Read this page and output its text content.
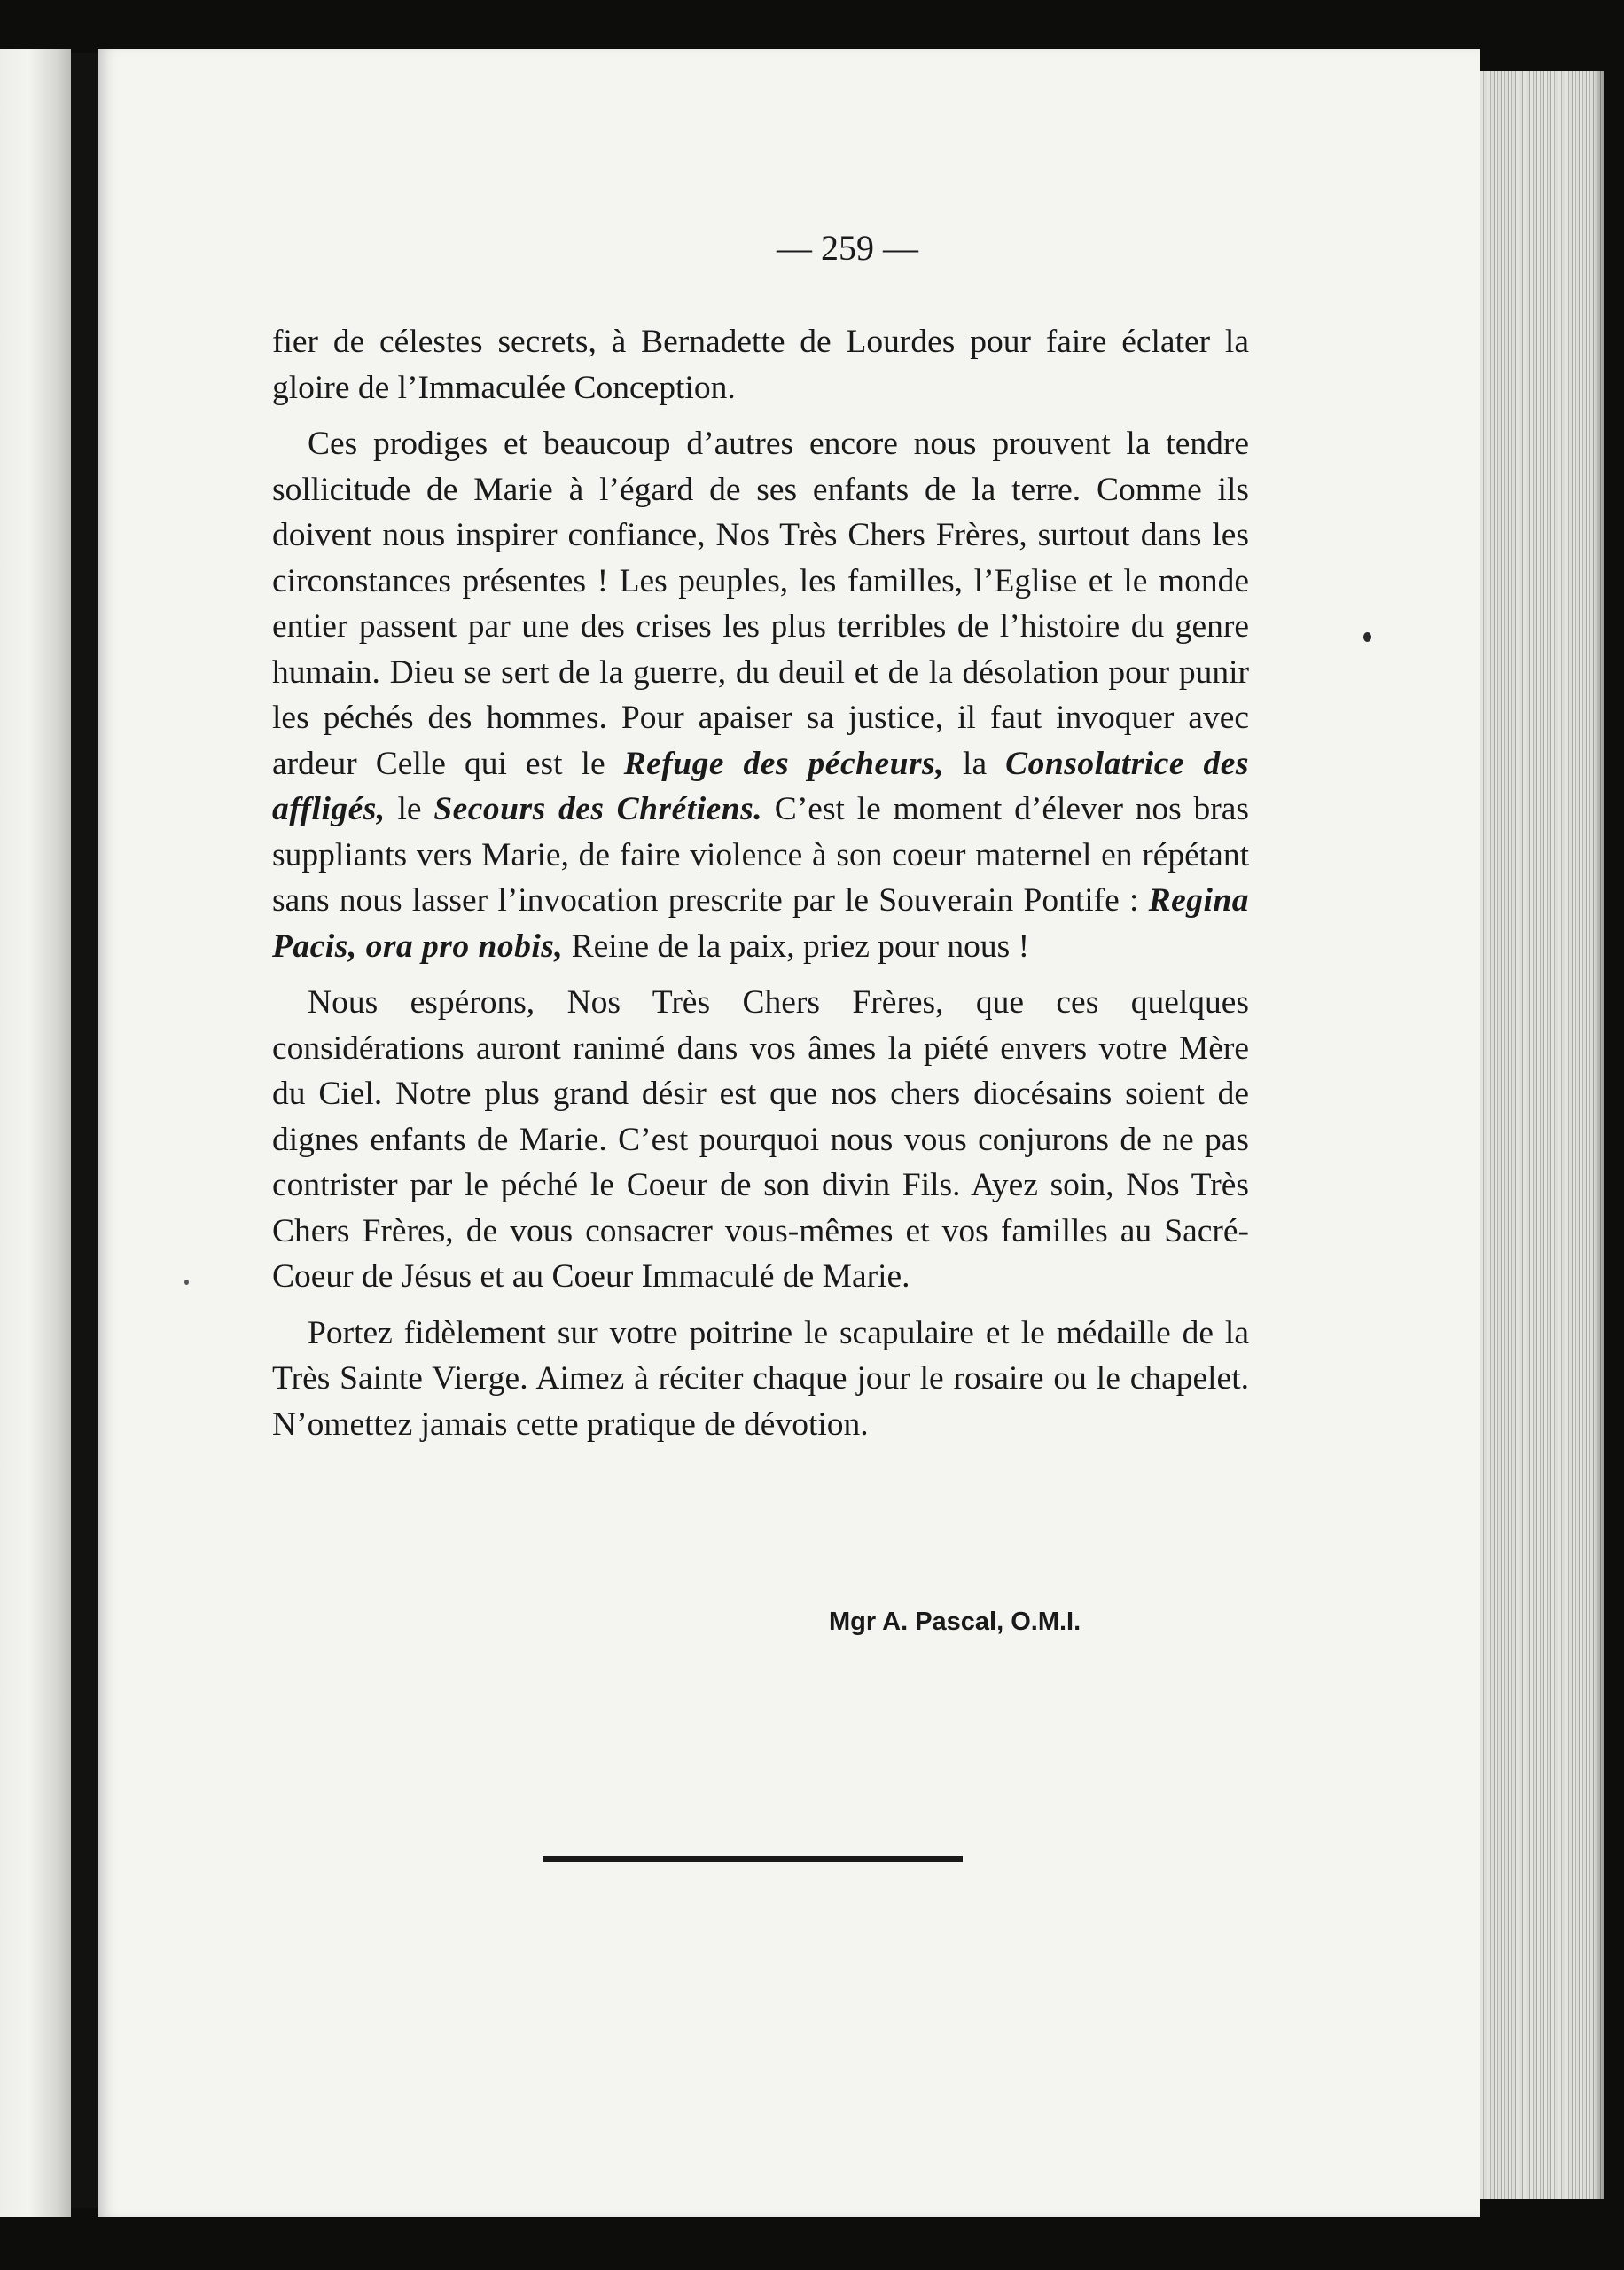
— 259 —

fier de célestes secrets, à Bernadette de Lourdes pour faire éclater la gloire de l’Immaculée Conception.

Ces prodiges et beaucoup d’autres encore nous prouvent la tendre sollicitude de Marie à l’égard de ses enfants de la terre. Comme ils doivent nous inspirer confiance, Nos Très Chers Frères, surtout dans les circonstances présentes ! Les peuples, les familles, l’Eglise et le monde entier passent par une des crises les plus terribles de l’histoire du genre humain. Dieu se sert de la guerre, du deuil et de la désolation pour punir les péchés des hommes. Pour apaiser sa justice, il faut invoquer avec ardeur Celle qui est le Refuge des pécheurs, la Consolatrice des affligés, le Secours des Chrétiens. C’est le moment d’élever nos bras suppliants vers Marie, de faire violence à son coeur maternel en répétant sans nous lasser l’invocation prescrite par le Souverain Pontife : Regina Pacis, ora pro nobis, Reine de la paix, priez pour nous !

Nous espérons, Nos Très Chers Frères, que ces quelques considérations auront ranimé dans vos âmes la piété envers votre Mère du Ciel. Notre plus grand désir est que nos chers diocésains soient de dignes enfants de Marie. C’est pourquoi nous vous conjurons de ne pas contrister par le péché le Coeur de son divin Fils. Ayez soin, Nos Très Chers Frères, de vous consacrer vous-mêmes et vos familles au Sacré-Coeur de Jésus et au Coeur Immaculé de Marie.

Portez fidèlement sur votre poitrine le scapulaire et le médaille de la Très Sainte Vierge. Aimez à réciter chaque jour le rosaire ou le chapelet. N’omettez jamais cette pratique de dévotion.

Mgr A. Pascal, O.M.I.
